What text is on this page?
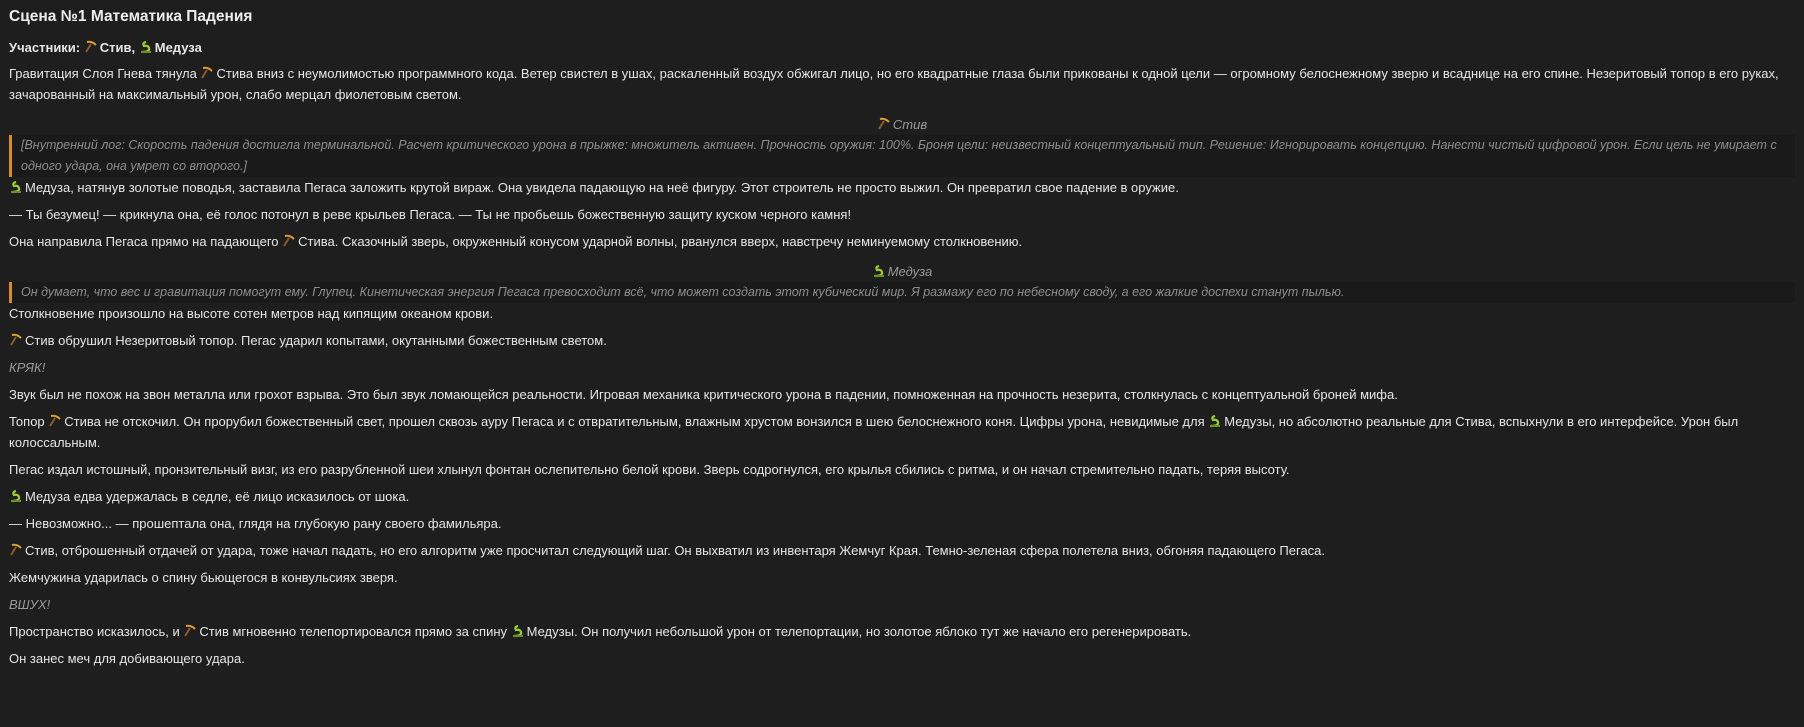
Сцена №1 Математика Падения
Участники: Стив, Медуза

Гравитация Слоя Гнева тянула Стива вниз с неумолимостью программного кода. Ветер свистел в ушах, раскаленный воздух обжигал лицо, но его квадратные глаза были прикованы к одной цели — огромному белоснежному зверю и всаднице на его спине. Незеритовый топор в его руках, зачарованный на максимальный урон, слабо мерцал фиолетовым светом.

Стив
[Внутренний лог: Скорость падения достигла терминальной. Расчет критического урона в прыжке: множитель активен. Прочность оружия: 100%. Броня цели: неизвестный концептуальный тип. Решение: Игнорировать концепцию. Нанести чистый цифровой урон. Если цель не умирает с одного удара, она умрет со второго.]

Медуза, натянув золотые поводья, заставила Пегаса заложить крутой вираж. Она увидела падающую на неё фигуру. Этот строитель не просто выжил. Он превратил свое падение в оружие.

— Ты безумец! — крикнула она, её голос потонул в реве крыльев Пегаса. — Ты не пробьешь божественную защиту куском черного камня!

Она направила Пегаса прямо на падающего Стива. Сказочный зверь, окруженный конусом ударной волны, рванулся вверх, навстречу неминуемому столкновению.

Медуза
Он думает, что вес и гравитация помогут ему. Глупец. Кинетическая энергия Пегаса превосходит всё, что может создать этот кубический мир. Я размажу его по небесному своду, а его жалкие доспехи станут пылью.

Столкновение произошло на высоте сотен метров над кипящим океаном крови.

Стив обрушил Незеритовый топор. Пегас ударил копытами, окутанными божественным светом.

КРЯК!

Звук был не похож на звон металла или грохот взрыва. Это был звук ломающейся реальности. Игровая механика критического урона в падении, помноженная на прочность незерита, столкнулась с концептуальной броней мифа.

Топор Стива не отскочил. Он прорубил божественный свет, прошел сквозь ауру Пегаса и с отвратительным, влажным хрустом вонзился в шею белоснежного коня. Цифры урона, невидимые для Медузы, но абсолютно реальные для Стива, вспыхнули в его интерфейсе. Урон был колоссальным.

Пегас издал истошный, пронзительный визг, из его разрубленной шеи хлынул фонтан ослепительно белой крови. Зверь содрогнулся, его крылья сбились с ритма, и он начал стремительно падать, теряя высоту.

Медуза едва удержалась в седле, её лицо исказилось от шока.

— Невозможно... — прошептала она, глядя на глубокую рану своего фамильяра.

Стив, отброшенный отдачей от удара, тоже начал падать, но его алгоритм уже просчитал следующий шаг. Он выхватил из инвентаря Жемчуг Края. Темно-зеленая сфера полетела вниз, обгоняя падающего Пегаса.

Жемчужина ударилась о спину бьющегося в конвульсиях зверя.

ВШУХ!

Пространство исказилось, и Стив мгновенно телепортировался прямо за спину Медузы. Он получил небольшой урон от телепортации, но золотое яблоко тут же начало его регенерировать.

Он занес меч для добивающего удара.
